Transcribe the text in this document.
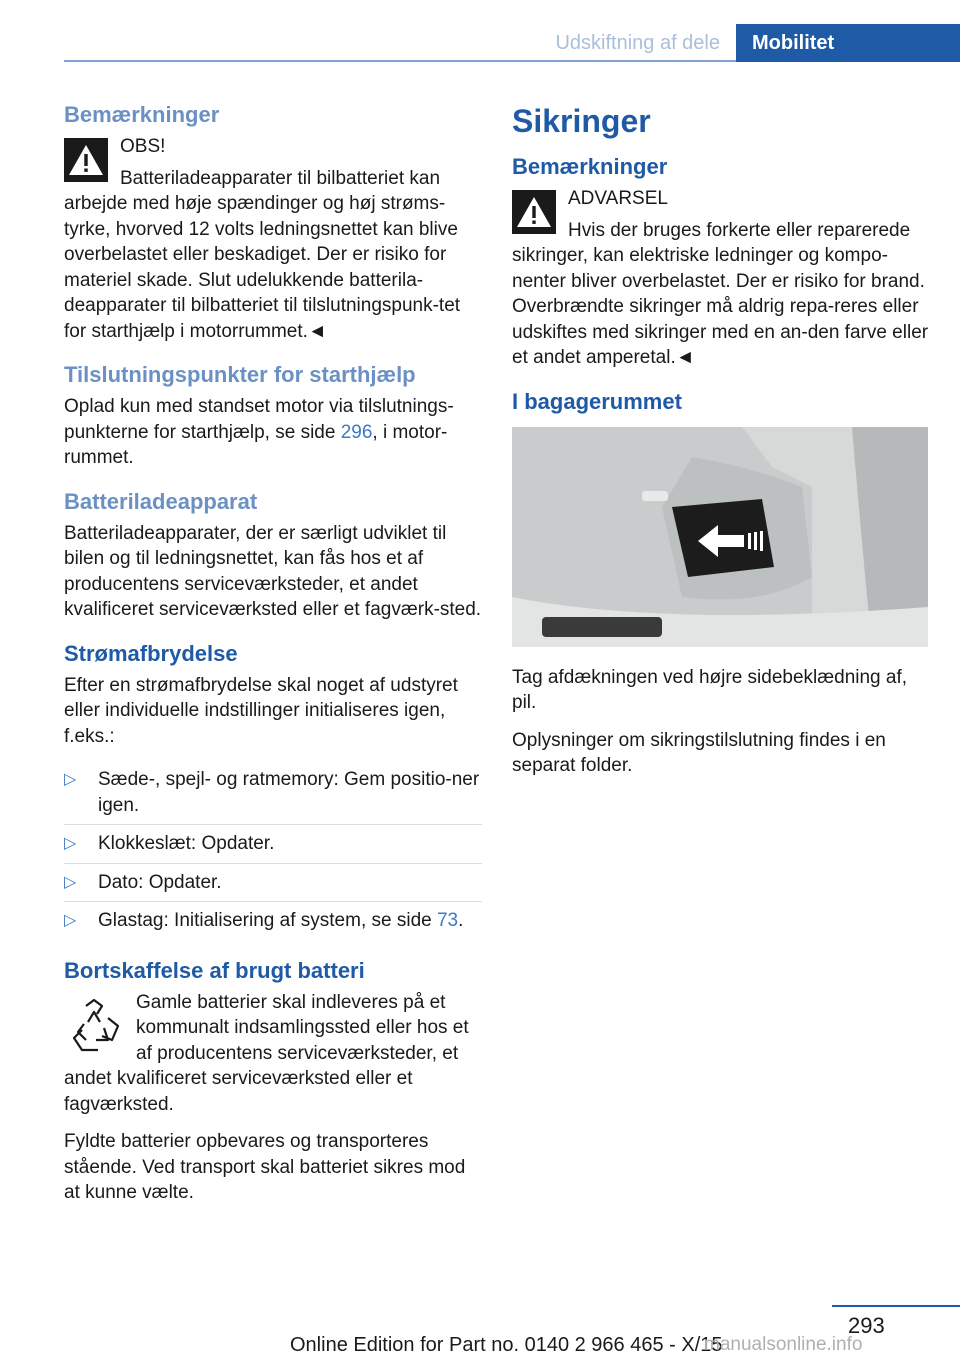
Udskiftning af dele	Mobilitet
Bemærkninger

OBS!

Batteriladeapparater til bilbatteriet kan arbejde med høje spændinger og høj strøms-tyrke, hvorved 12 volts ledningsnettet kan blive overbelastet eller beskadiget. Der er risiko for materiel skade. Slut udelukkende batterila-deapparater til bilbatteriet til tilslutningspunk-tet for starthjælp i motorrummet.◄

Tilslutningspunkter for starthjælp

Oplad kun med standset motor via tilslutnings-punkterne for starthjælp, se side 296, i motor-rummet.

Batteriladeapparat

Batteriladeapparater, der er særligt udviklet til bilen og til ledningsnettet, kan fås hos et af producentens serviceværksteder, et andet kvalificeret serviceværksted eller et fagværk-sted.

Strømafbrydelse

Efter en strømafbrydelse skal noget af udstyret eller individuelle indstillinger initialiseres igen, f.eks.:

▷ Sæde-, spejl- og ratmemory: Gem positio-ner igen.
▷ Klokkeslæt: Opdater.
▷ Dato: Opdater.
▷ Glastag: Initialisering af system, se side 73.
Bortskaffelse af brugt batteri

Gamle batterier skal indleveres på et kommunalt indsamlingssted eller hos et af producentens serviceværksteder, et andet kvalificeret serviceværksted eller et fagværksted.

Fyldte batterier opbevares og transporteres stående. Ved transport skal batteriet sikres mod at kunne vælte.

Sikringer
Bemærkninger

ADVARSEL

Hvis der bruges forkerte eller reparerede sikringer, kan elektriske ledninger og kompo-nenter bliver overbelastet. Der er risiko for brand. Overbrændte sikringer må aldrig repa-reres eller udskiftes med sikringer med en an-den farve eller et andet amperetal.◄

I bagagerummet

Tag afdækningen ved højre sidebeklædning af, pil.

Oplysninger om sikringstilslutning findes i en separat folder.

293
Online Edition for Part no. 0140 2 966 465 - X/15
manualsonline.info
